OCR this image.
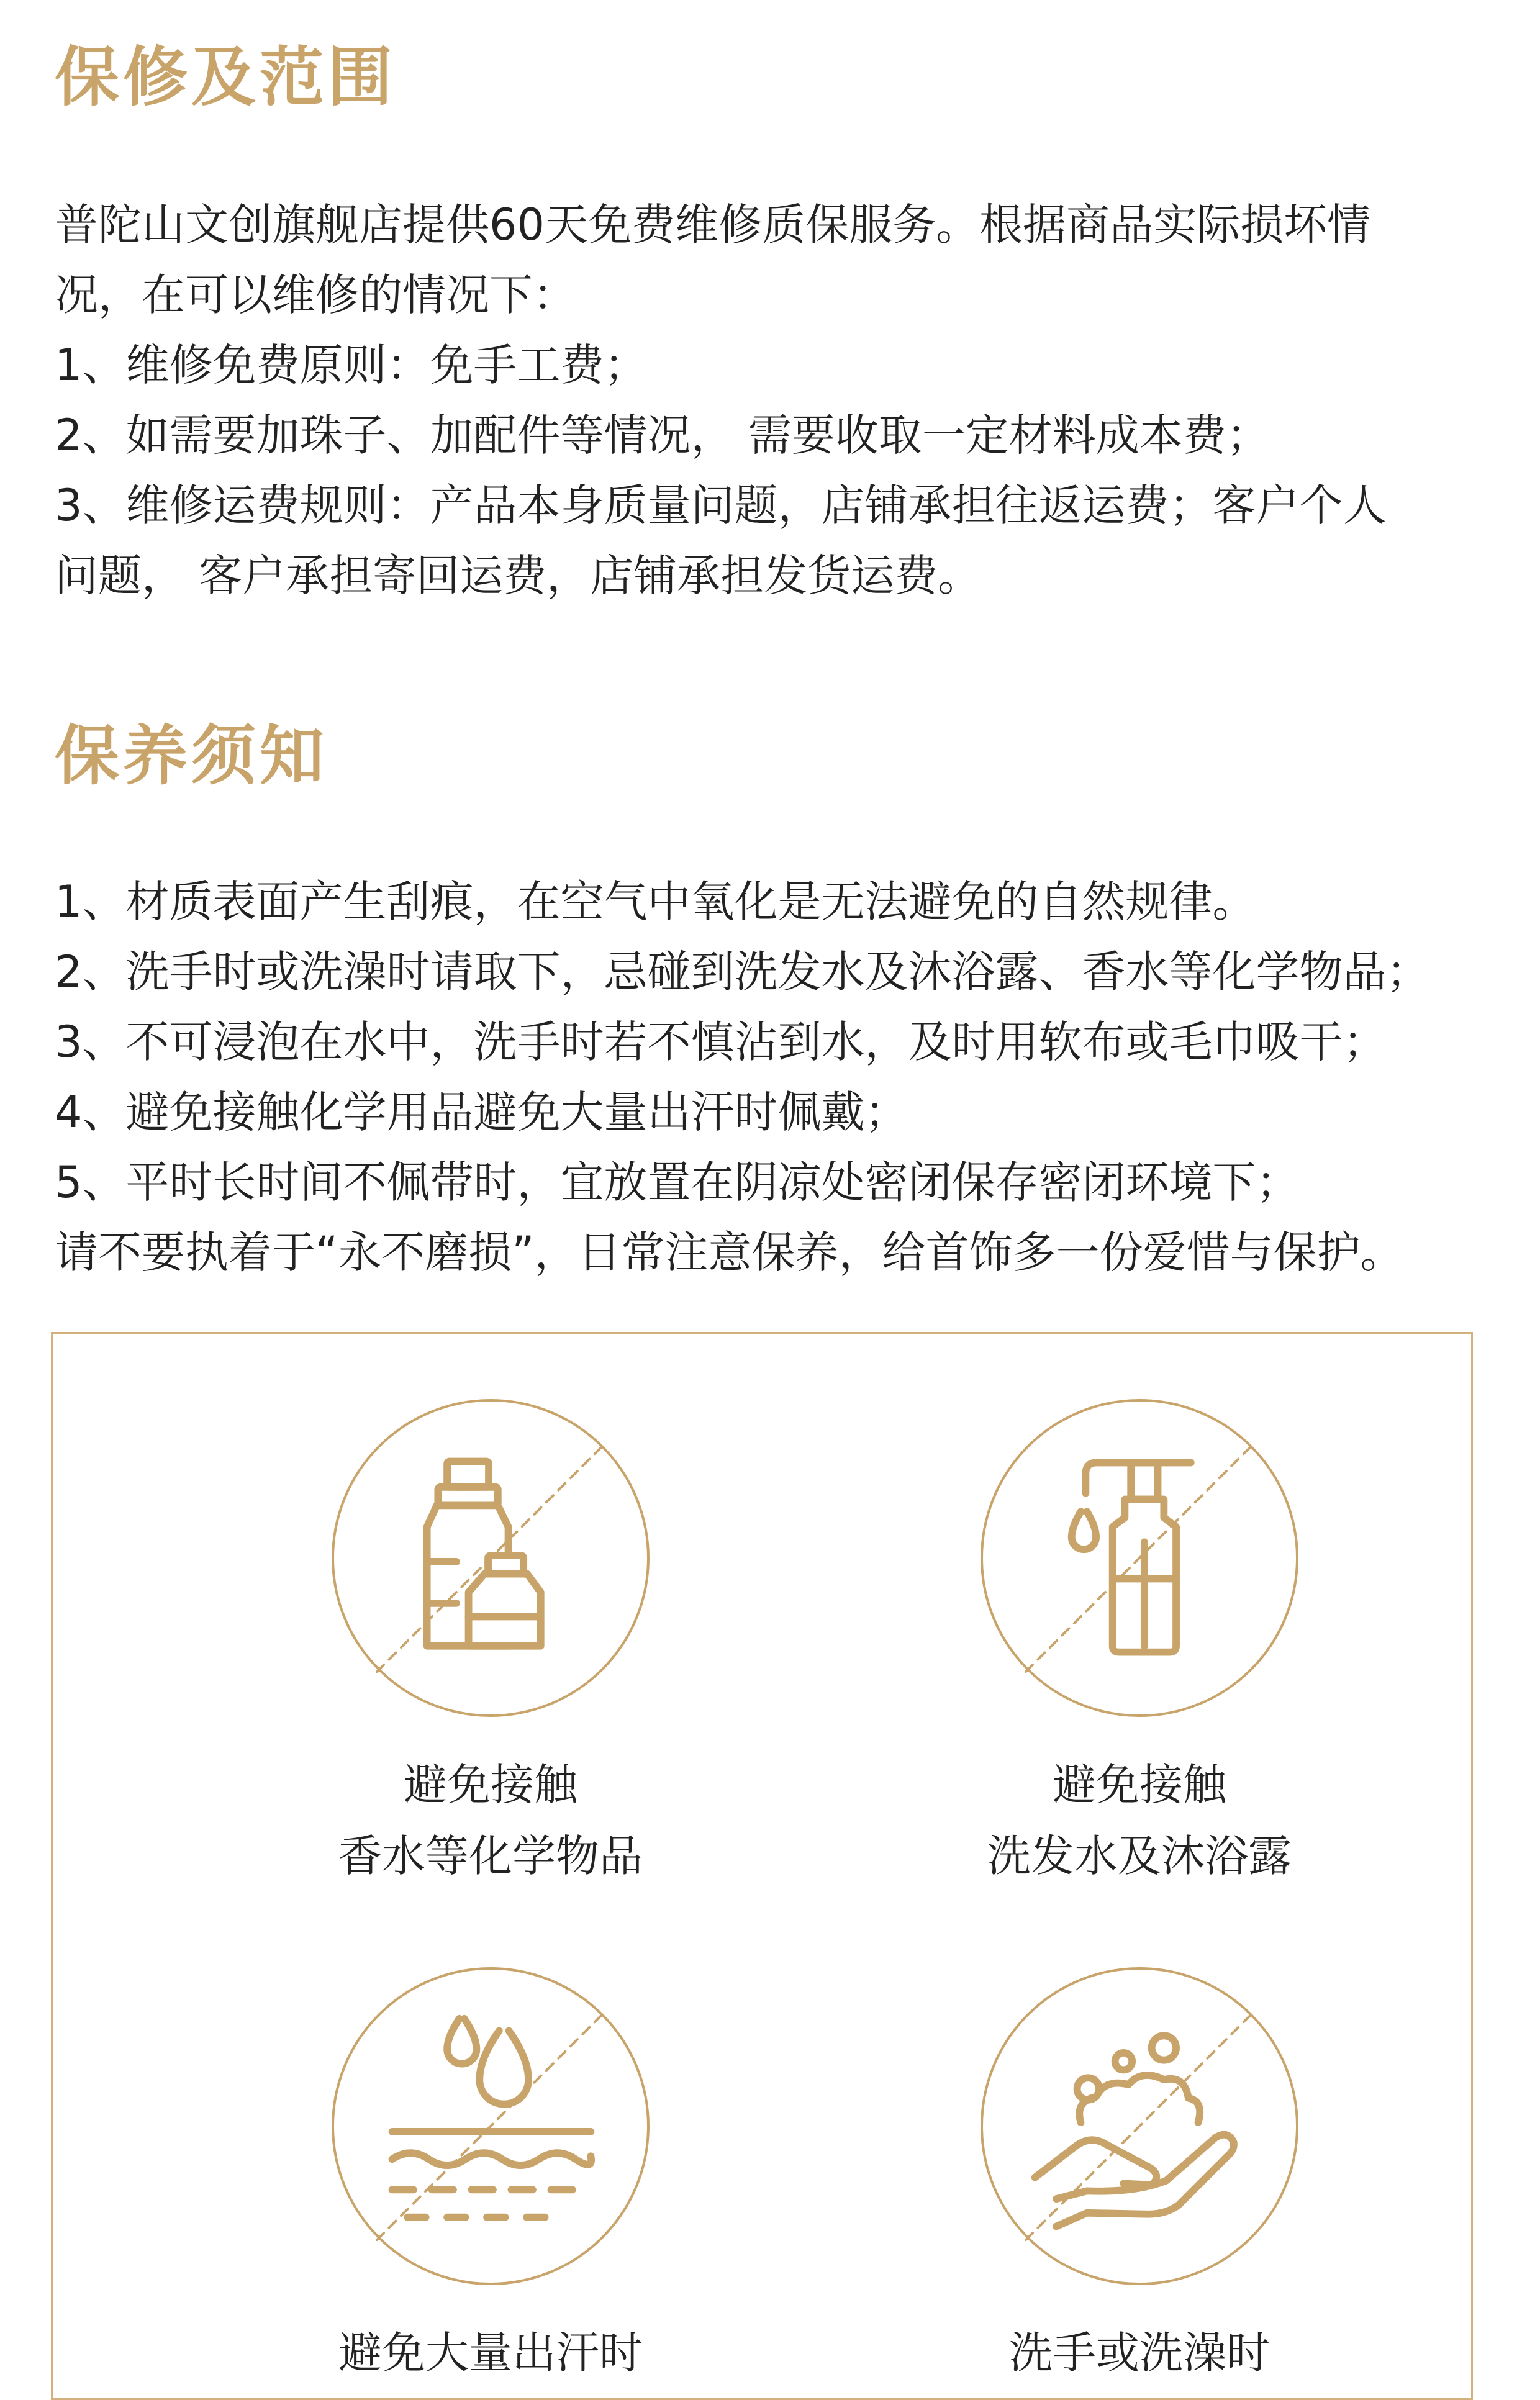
保修及范围
普陀山文创旗舰店提供60天免费维修质保服务。根据商品实际损坏情
况，在可以维修的情况下：
1、维修免费原则：免手工费；
2、如需要加珠子、加配件等情况， 需要收取一定材料成本费；
3、维修运费规则：产品本身质量问题，店铺承担往返运费；客户个人
问题， 客户承担寄回运费，店铺承担发货运费。
保养须知
1、材质表面产生刮痕，在空气中氧化是无法避免的自然规律。
2、洗手时或洗澡时请取下，忌碰到洗发水及沐浴露、香水等化学物品；
3、不可浸泡在水中，洗手时若不慎沾到水，及时用软布或毛巾吸干；
4、避免接触化学用品避免大量出汗时佩戴；
5、平时长时间不佩带时，宜放置在阴凉处密闭保存密闭环境下；
请不要执着于“永不磨损”，日常注意保养，给首饰多一份爱惜与保护。
避免接触
香水等化学物品
避免接触
洗发水及沐浴露
避免大量出汗时	洗手或洗澡时
